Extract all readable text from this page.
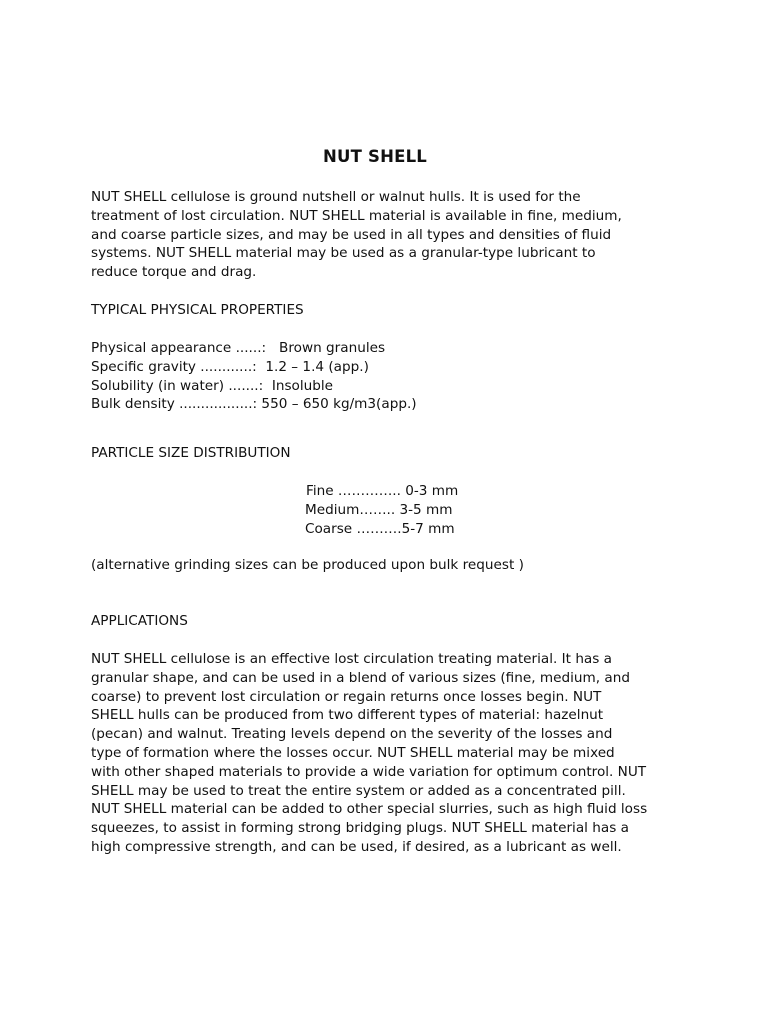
NUT SHELL
NUT SHELL cellulose is ground nutshell or walnut hulls. It is used for the
treatment of lost circulation. NUT SHELL material is available in fine, medium,
and coarse particle sizes, and may be used in all types and densities of fluid
systems. NUT SHELL material may be used as a granular-type lubricant to
reduce torque and drag.
TYPICAL PHYSICAL PROPERTIES
Physical appearance ......:   Brown granules
Specific gravity ............:  1.2 – 1.4 (app.)
Solubility (in water) .......:  Insoluble
Bulk density .................: 550 – 650 kg/m3(app.)
PARTICLE SIZE DISTRIBUTION
Fine ………….. 0-3 mm
Medium…….. 3-5 mm
Coarse ……….5-7 mm
(alternative grinding sizes can be produced upon bulk request )
APPLICATIONS
NUT SHELL cellulose is an effective lost circulation treating material. It has a
granular shape, and can be used in a blend of various sizes (fine, medium, and
coarse) to prevent lost circulation or regain returns once losses begin. NUT
SHELL hulls can be produced from two different types of material: hazelnut
(pecan) and walnut. Treating levels depend on the severity of the losses and
type of formation where the losses occur. NUT SHELL material may be mixed
with other shaped materials to provide a wide variation for optimum control. NUT
SHELL may be used to treat the entire system or added as a concentrated pill.
NUT SHELL material can be added to other special slurries, such as high fluid loss
squeezes, to assist in forming strong bridging plugs. NUT SHELL material has a
high compressive strength, and can be used, if desired, as a lubricant as well.
